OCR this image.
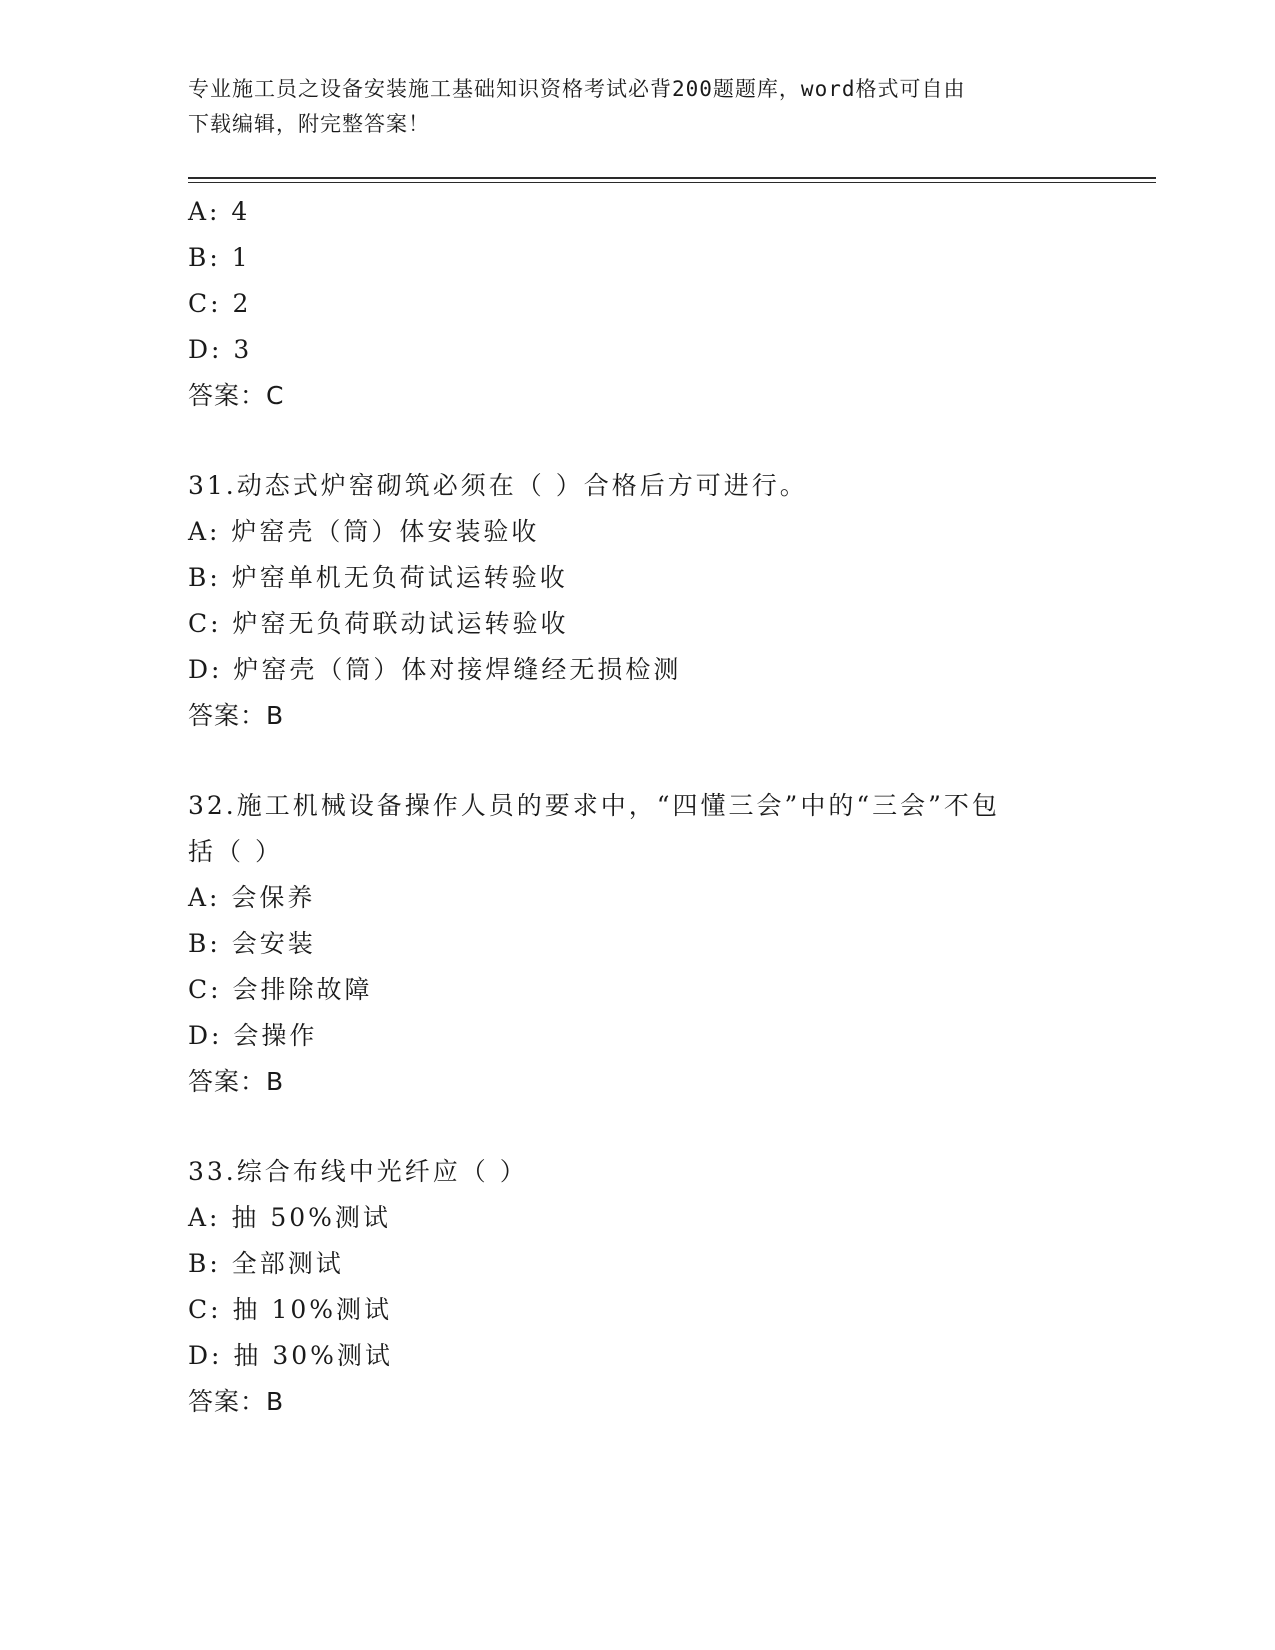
专业施工员之设备安装施工基础知识资格考试必背200题题库，word格式可自由
下载编辑，附完整答案！
A: 4
B: 1
C: 2
D: 3
答案：C
31.动态式炉窑砌筑必须在（ ）合格后方可进行。
A: 炉窑壳（筒）体安装验收
B: 炉窑单机无负荷试运转验收
C: 炉窑无负荷联动试运转验收
D: 炉窑壳（筒）体对接焊缝经无损检测
答案：B
32.施工机械设备操作人员的要求中，“四懂三会”中的“三会”不包
括（ ）
A: 会保养
B: 会安装
C: 会排除故障
D: 会操作
答案：B
33.综合布线中光纤应（ ）
A: 抽 50%测试
B: 全部测试
C: 抽 10%测试
D: 抽 30%测试
答案：B
